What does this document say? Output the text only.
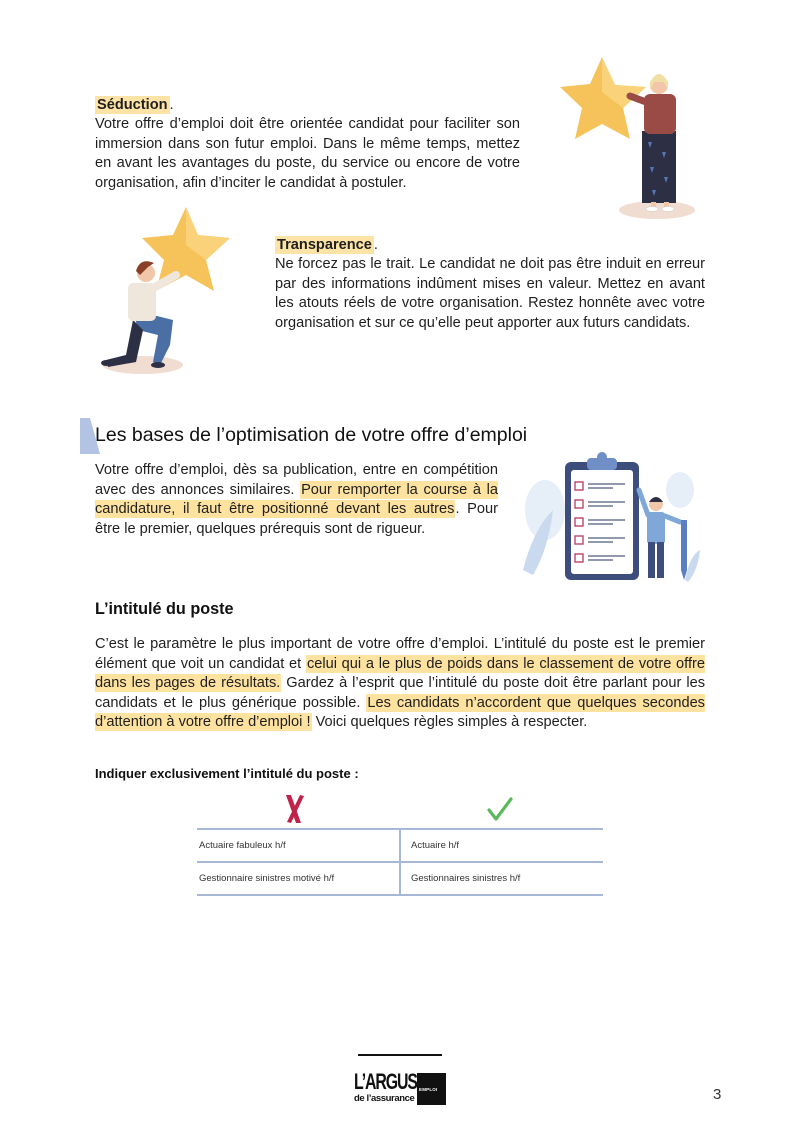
Séduction .
Votre offre d’emploi doit être orientée candidat pour faciliter son immersion dans son futur emploi. Dans le même temps, mettez en avant les avantages du poste, du service ou encore de votre organisation, afin d’inciter le candidat à postuler.
Transparence .
Ne forcez pas le trait. Le candidat ne doit pas être induit en erreur par des informations indûment mises en valeur. Mettez en avant les atouts réels de votre organisation. Restez honnête avec votre organisation et sur ce qu’elle peut apporter aux futurs candidats.
Les bases de l’optimisation de votre offre d’emploi
Votre offre d’emploi, dès sa publication, entre en compétition avec des annonces similaires. Pour remporter la course à la candidature, il faut être positionné devant les autres. Pour être le premier, quelques prérequis sont de rigueur.
L’intitulé du poste
C’est le paramètre le plus important de votre offre d’emploi. L’intitulé du poste est le premier élément que voit un candidat et celui qui a le plus de poids dans le classement de votre offre dans les pages de résultats. Gardez à l’esprit que l’intitulé du poste doit être parlant pour les candidats et le plus générique possible. Les candidats n’accordent que quelques secondes d’attention à votre offre d’emploi ! Voici quelques règles simples à respecter.
Indiquer exclusivement l’intitulé du poste :
Actuaire fabuleux h/f	Actuaire h/f
Gestionnaire sinistres motivé h/f	Gestionnaires sinistres h/f
L’ARGUS
de l’assurance
EMPLOI	3
